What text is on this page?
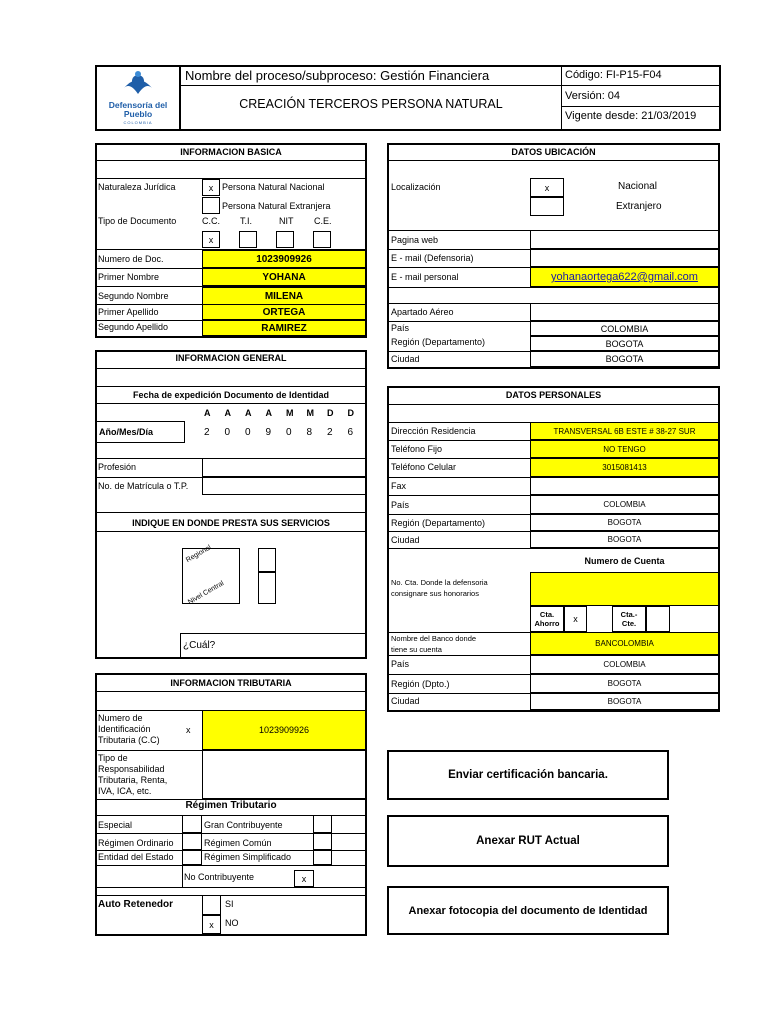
Defensoría del Pueblo
COLOMBIA
Nombre del proceso/subproceso: Gestión Financiera
CREACIÓN TERCEROS PERSONA NATURAL
Código: FI-P15-F04
Versión: 04
Vigente desde: 21/03/2019
INFORMACION BASICA
Naturaleza Jurídica	x Persona Natural Nacional
Persona Natural Extranjera
Tipo de Documento	C.C. T.I.	NIT C.E.
x
Numero de Doc.	1023909926
Primer Nombre	YOHANA
Segundo Nombre	MILENA
Primer Apellido	ORTEGA
Segundo Apellido	RAMIREZ
DATOS UBICACIÓN
Localización	x	Nacional
Extranjero
Pagina web
E - mail (Defensoria)
E - mail personal	yohanaortega622@gmail.com
Apartado Aéreo
País	COLOMBIA
Región (Departamento)	BOGOTA
Ciudad	BOGOTA
INFORMACION GENERAL
Fecha de expedición Documento de Identidad
A A A A M M D D
Año/Mes/Día	2 0 0 9 0 8 2 6
Profesión
No. de Matrícula o T.P.
INDIQUE EN DONDE PRESTA SUS SERVICIOS
Regional
Nivel Central
¿Cuál?
DATOS PERSONALES
Dirección Residencia	TRANSVERSAL 6B ESTE # 38-27 SUR
Teléfono Fijo	NO TENGO
Teléfono Celular	3015081413
Fax
País	COLOMBIA
Región (Departamento)	BOGOTA
Ciudad	BOGOTA
Numero de Cuenta
No. Cta. Donde la defensoria
consignare sus honorarios
Cta.
Ahorro x	Cta.-
Cte.
Nombre del Banco donde
tiene su cuenta
BANCOLOMBIA
País	COLOMBIA
Región (Dpto.)	BOGOTA
Ciudad	BOGOTA
INFORMACION TRIBUTARIA
Numero de
Identificación
Tributaria (C.C)
x	1023909926
Tipo de
Responsabilidad
Tributaria, Renta,
IVA, ICA, etc.
Régimen Tributario
Especial	Gran Contribuyente
Régimen Ordinario	Régimen Común
Entidad del Estado	Régimen Simplificado
No Contribuyente	x
Auto Retenedor	SI
x NO
Enviar certificación bancaria.
Anexar RUT Actual
Anexar fotocopia del documento de Identidad
